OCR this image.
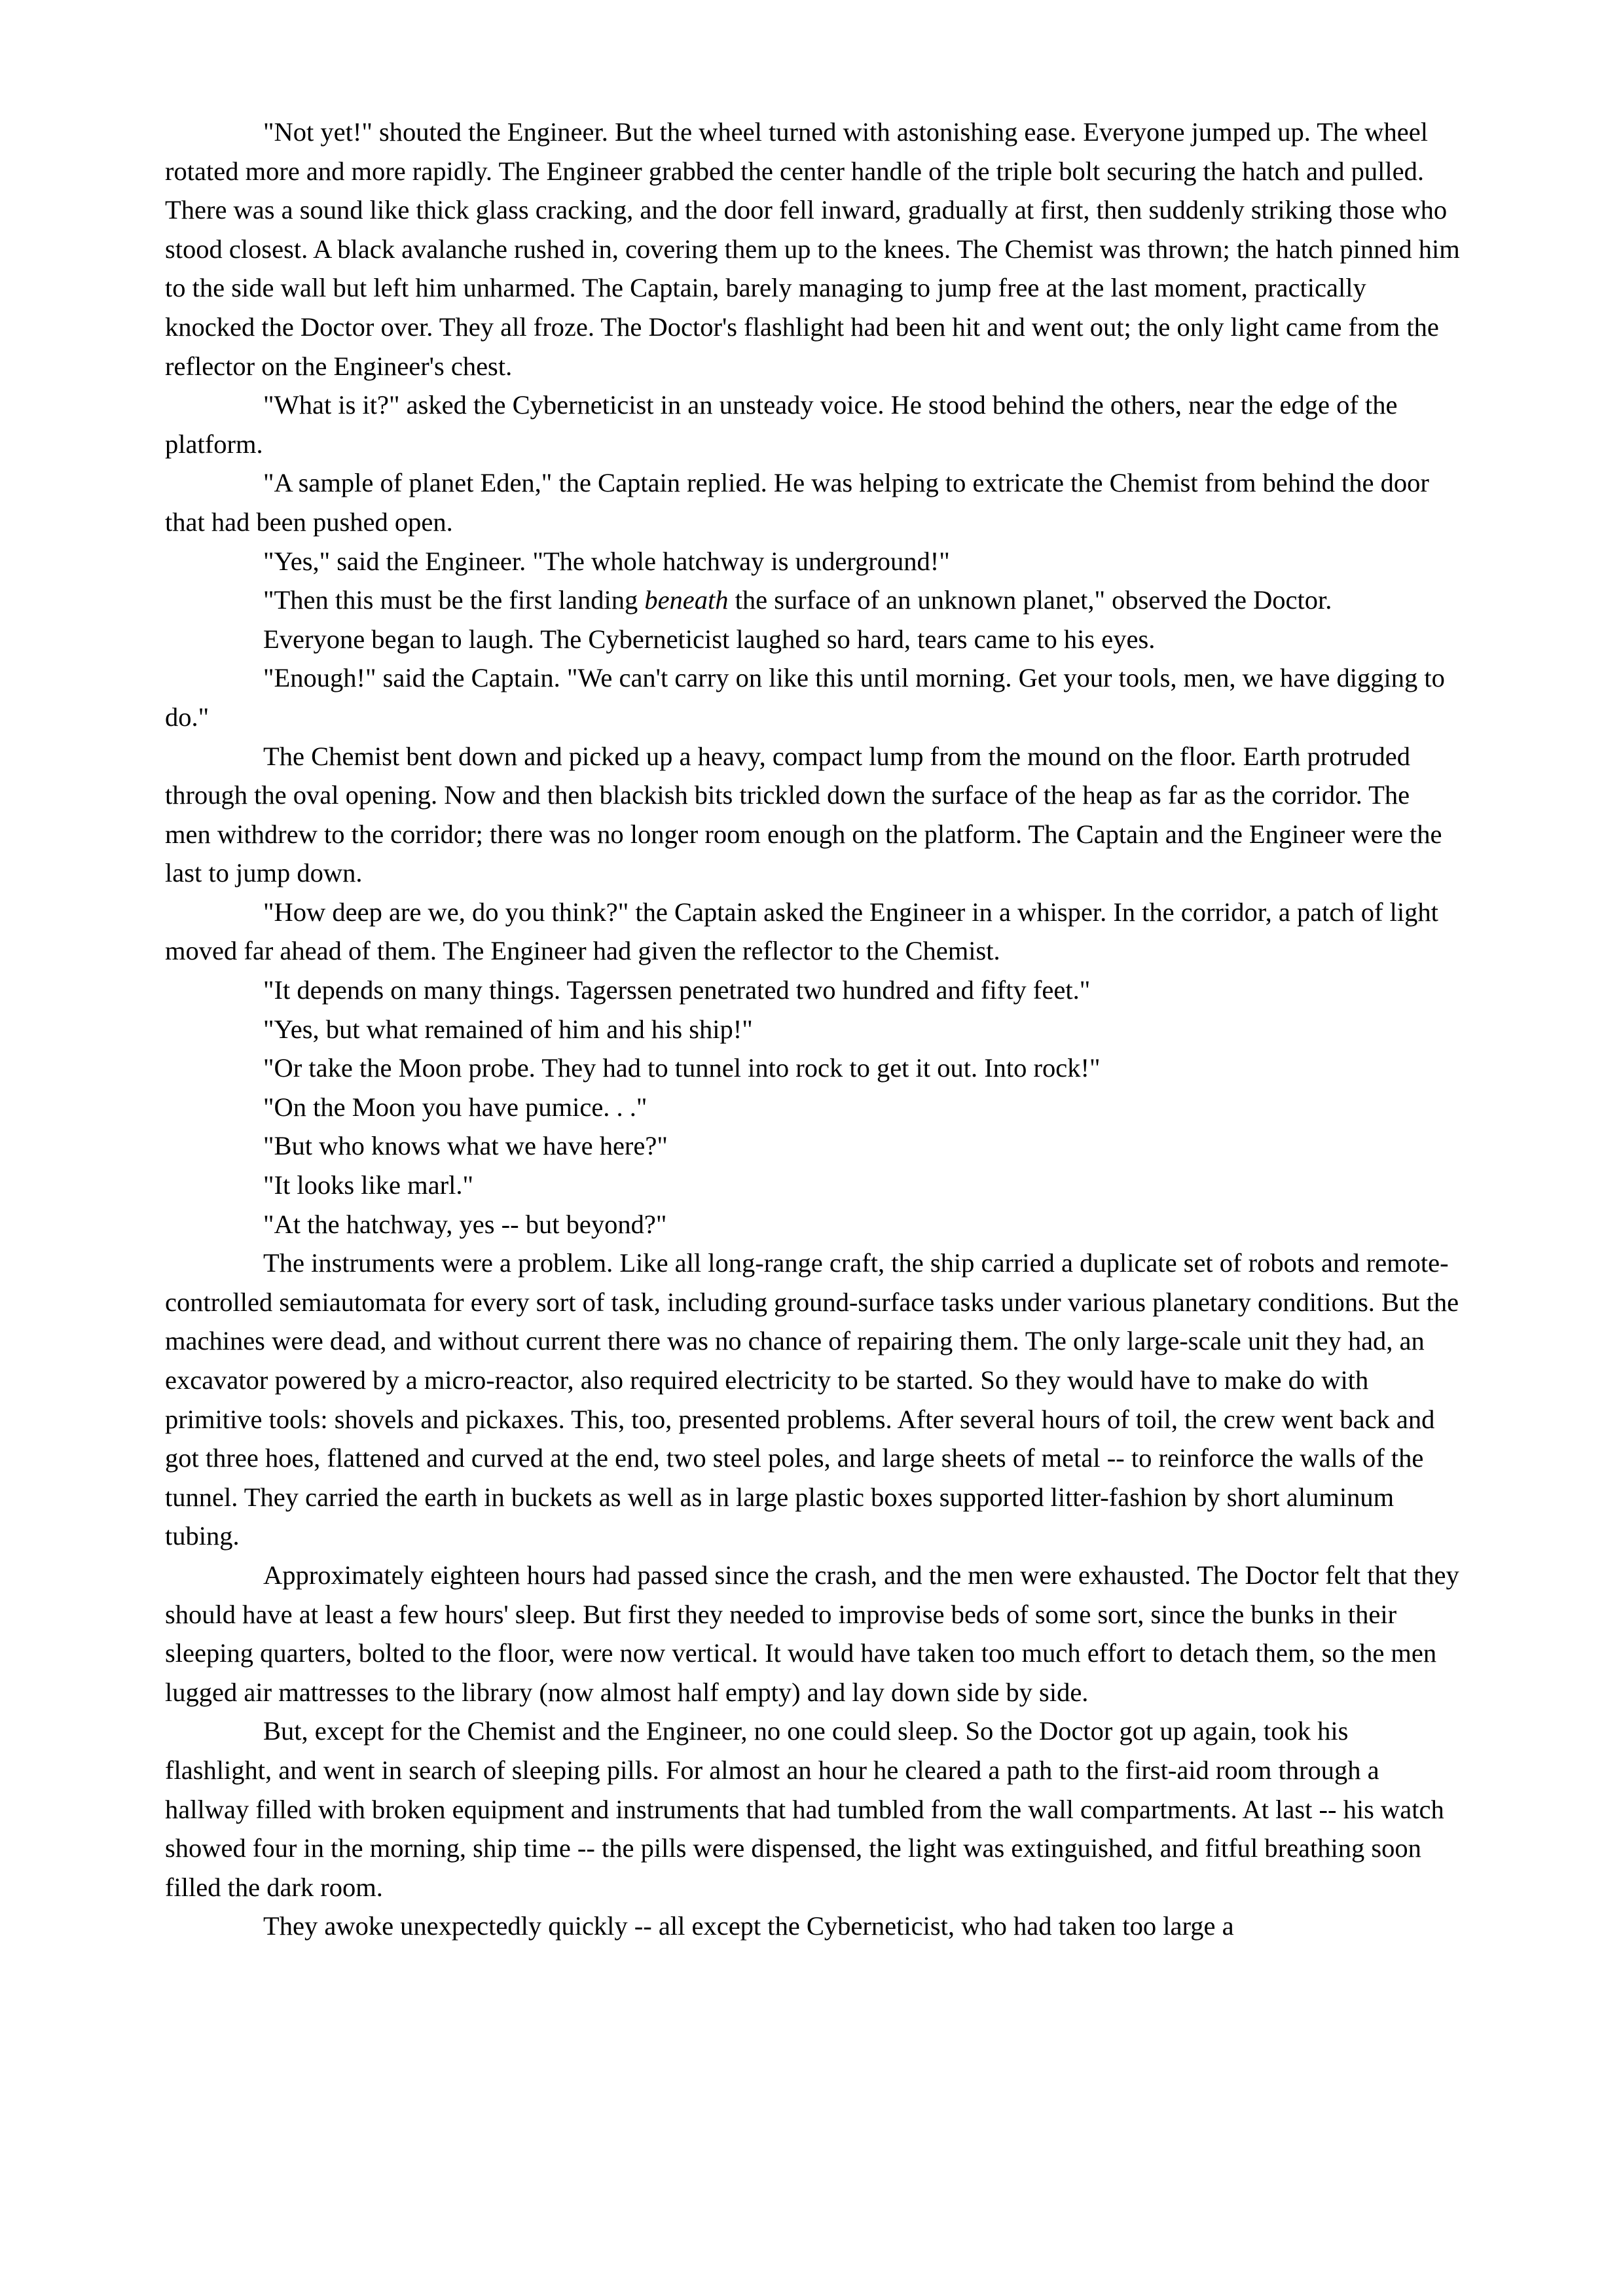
"Not yet!" shouted the Engineer. But the wheel turned with astonishing ease. Everyone jumped up. The wheel rotated more and more rapidly. The Engineer grabbed the center handle of the triple bolt securing the hatch and pulled. There was a sound like thick glass cracking, and the door fell inward, gradually at first, then suddenly striking those who stood closest. A black avalanche rushed in, covering them up to the knees. The Chemist was thrown; the hatch pinned him to the side wall but left him unharmed. The Captain, barely managing to jump free at the last moment, practically knocked the Doctor over. They all froze. The Doctor's flashlight had been hit and went out; the only light came from the reflector on the Engineer's chest.

"What is it?" asked the Cyberneticist in an unsteady voice. He stood behind the others, near the edge of the platform.

"A sample of planet Eden," the Captain replied. He was helping to extricate the Chemist from behind the door that had been pushed open.

"Yes," said the Engineer. "The whole hatchway is underground!"

"Then this must be the first landing beneath the surface of an unknown planet," observed the Doctor.

Everyone began to laugh. The Cyberneticist laughed so hard, tears came to his eyes.

"Enough!" said the Captain. "We can't carry on like this until morning. Get your tools, men, we have digging to do."

The Chemist bent down and picked up a heavy, compact lump from the mound on the floor. Earth protruded through the oval opening. Now and then blackish bits trickled down the surface of the heap as far as the corridor. The men withdrew to the corridor; there was no longer room enough on the platform. The Captain and the Engineer were the last to jump down.

"How deep are we, do you think?" the Captain asked the Engineer in a whisper. In the corridor, a patch of light moved far ahead of them. The Engineer had given the reflector to the Chemist.

"It depends on many things. Tagerssen penetrated two hundred and fifty feet."

"Yes, but what remained of him and his ship!"

"Or take the Moon probe. They had to tunnel into rock to get it out. Into rock!"

"On the Moon you have pumice. . ."

"But who knows what we have here?"

"It looks like marl."

"At the hatchway, yes -- but beyond?"

The instruments were a problem. Like all long-range craft, the ship carried a duplicate set of robots and remote-controlled semiautomata for every sort of task, including ground-surface tasks under various planetary conditions. But the machines were dead, and without current there was no chance of repairing them. The only large-scale unit they had, an excavator powered by a micro-reactor, also required electricity to be started. So they would have to make do with primitive tools: shovels and pickaxes. This, too, presented problems. After several hours of toil, the crew went back and got three hoes, flattened and curved at the end, two steel poles, and large sheets of metal -- to reinforce the walls of the tunnel. They carried the earth in buckets as well as in large plastic boxes supported litter-fashion by short aluminum tubing.

Approximately eighteen hours had passed since the crash, and the men were exhausted. The Doctor felt that they should have at least a few hours' sleep. But first they needed to improvise beds of some sort, since the bunks in their sleeping quarters, bolted to the floor, were now vertical. It would have taken too much effort to detach them, so the men lugged air mattresses to the library (now almost half empty) and lay down side by side.

But, except for the Chemist and the Engineer, no one could sleep. So the Doctor got up again, took his flashlight, and went in search of sleeping pills. For almost an hour he cleared a path to the first-aid room through a hallway filled with broken equipment and instruments that had tumbled from the wall compartments. At last -- his watch showed four in the morning, ship time -- the pills were dispensed, the light was extinguished, and fitful breathing soon filled the dark room.

They awoke unexpectedly quickly -- all except the Cyberneticist, who had taken too large a
